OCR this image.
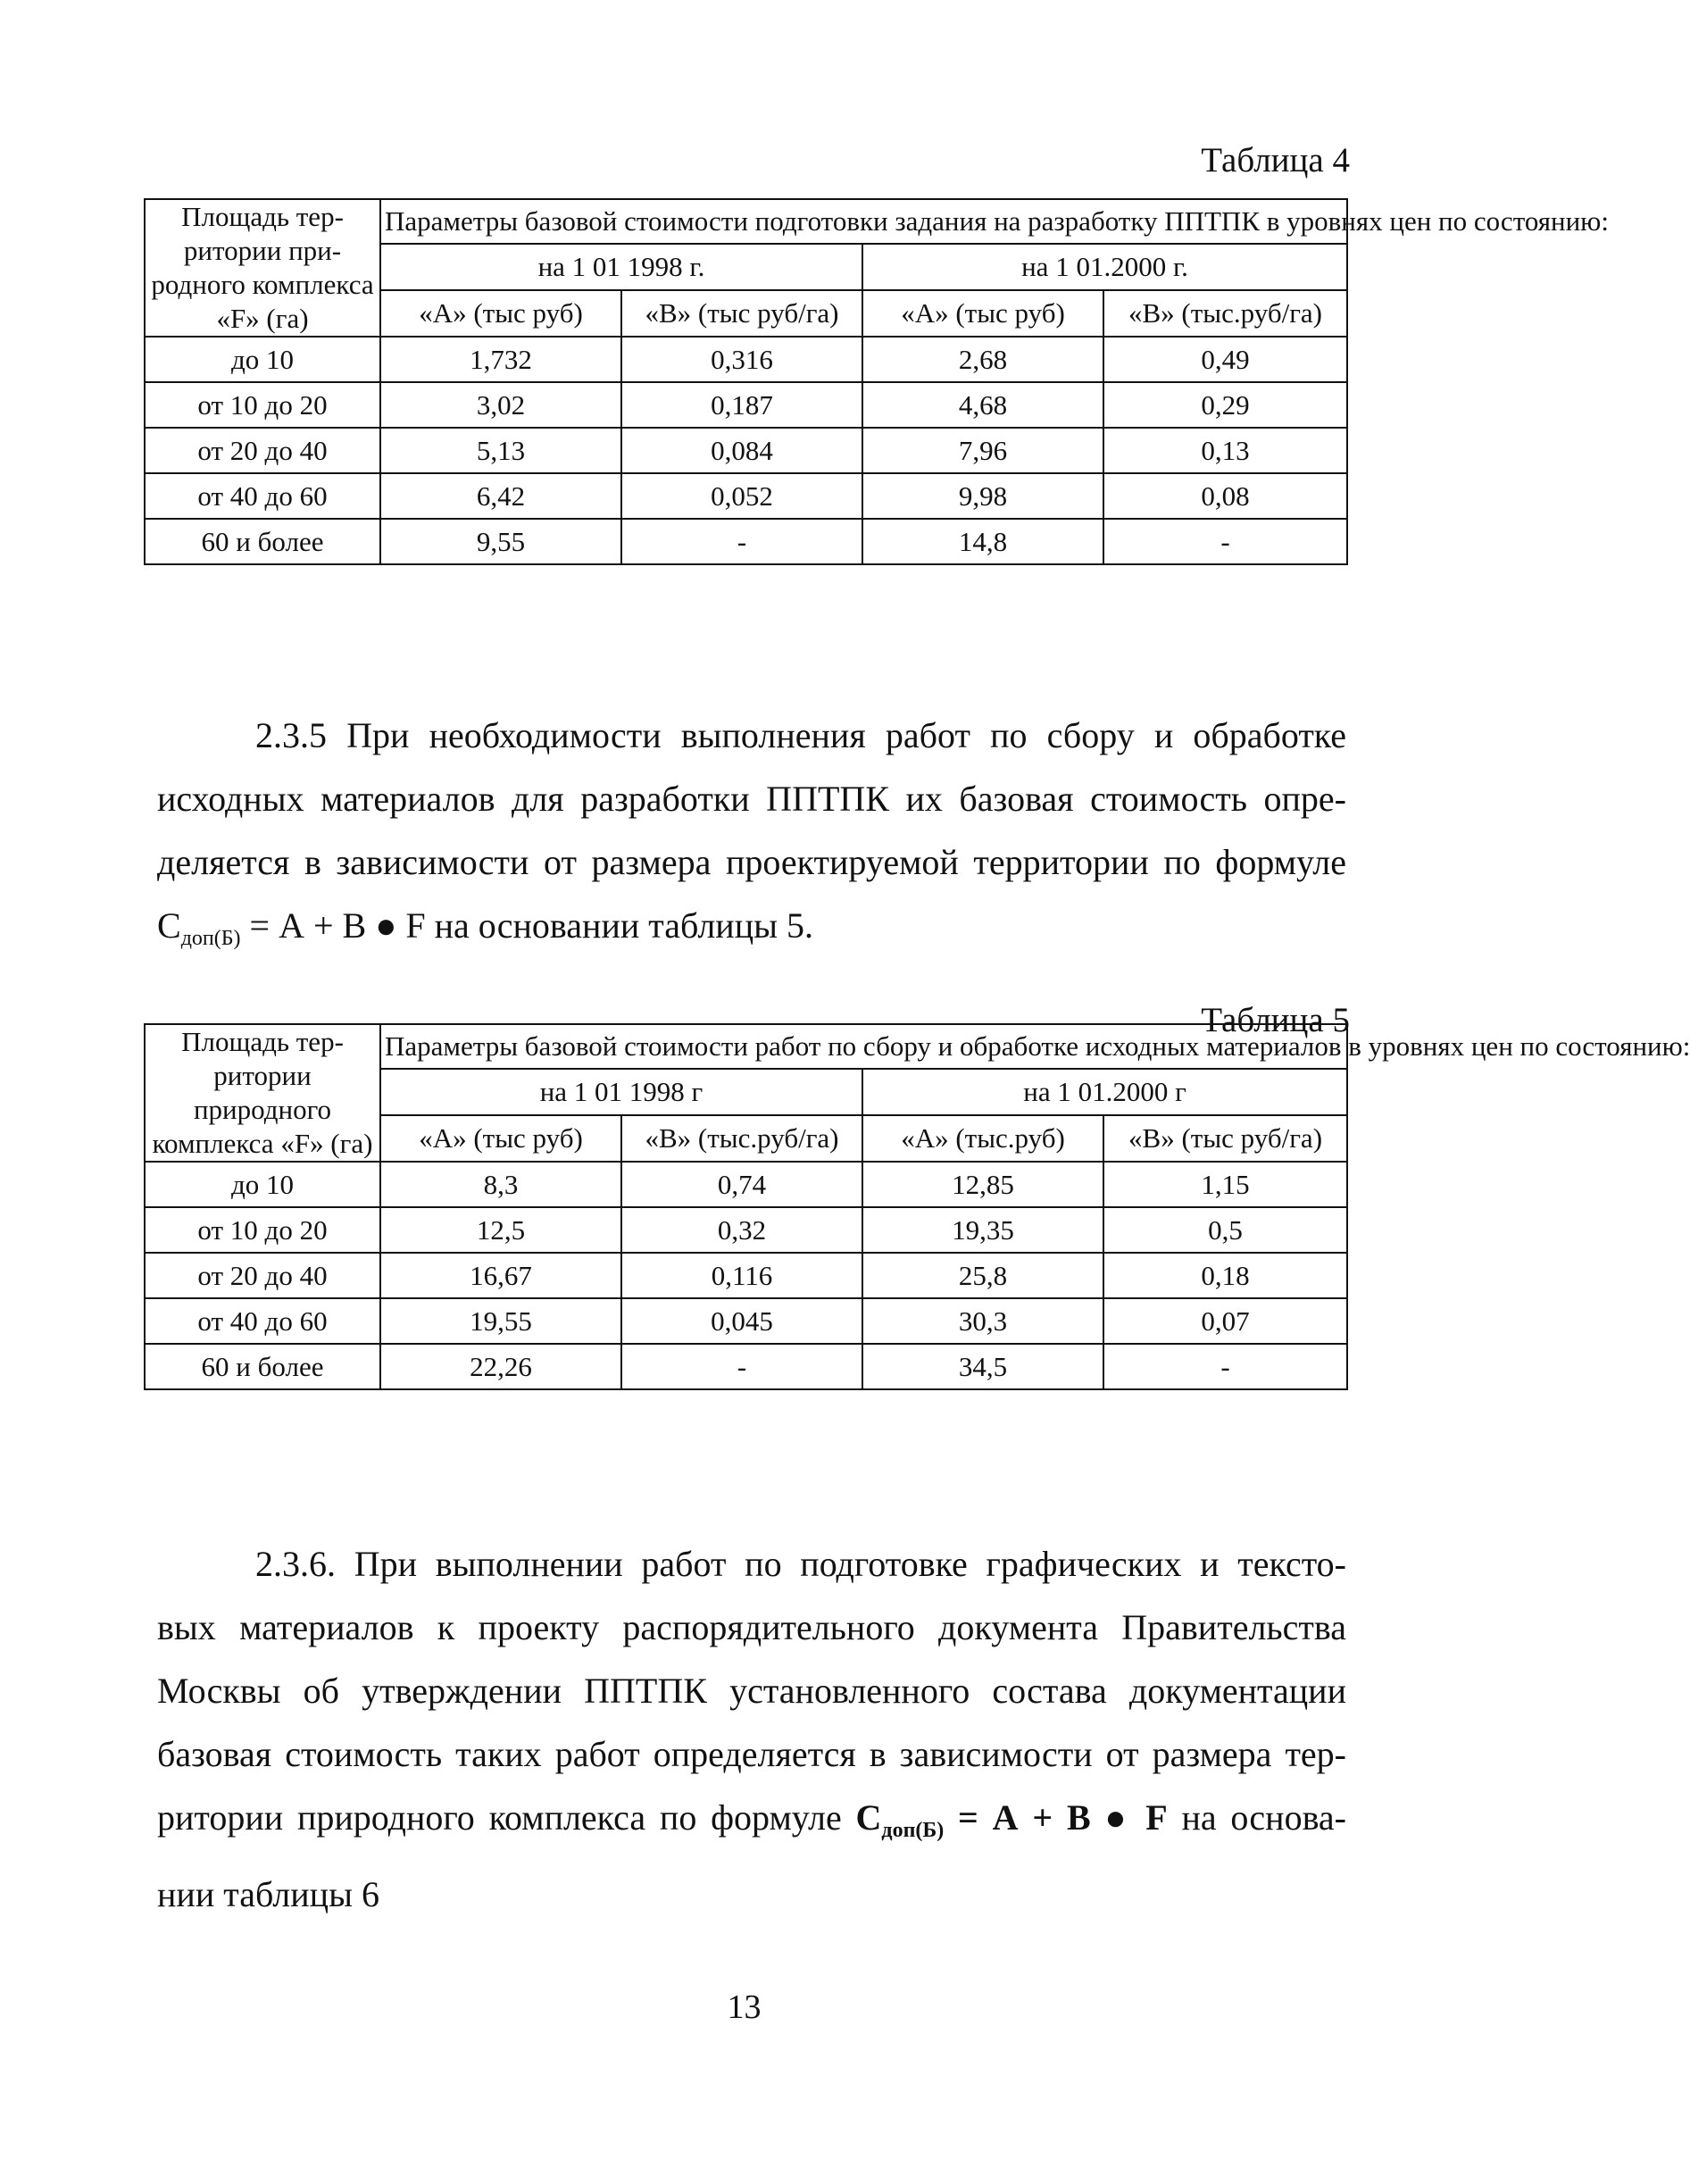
Таблица 4
Площадь тер-ритории при-родного комплекса «F» (га)	Параметры базовой стоимости подготовки задания на разработку ППТПК в уровнях цен по состоянию:			
	на 1 01 1998 г.		на 1 01.2000 г.	
	«А» (тыс руб)	«В» (тыс руб/га)	«А» (тыс руб)	«В» (тыс.руб/га)
до 10	1,732	0,316	2,68	0,49
от 10 до 20	3,02	0,187	4,68	0,29
от 20 до 40	5,13	0,084	7,96	0,13
от 40 до 60	6,42	0,052	9,98	0,08
60 и более	9,55	-	14,8	-
2.3.5 При необходимости выполнения работ по сбору и обработке
исходных материалов для разработки ППТПК их базовая стоимость опре-
деляется в зависимости от размера проектируемой территории по формуле
$С_{доп(Б)} = А + В$ ● F на основании таблицы 5.
Таблица 5
Площадь тер-ритории природного комплекса «F» (га)	Параметры базовой стоимости работ по сбору и обработке исходных материалов в уровнях цен по состоянию:			
	на 1 01 1998 г		на 1 01.2000 г	
	«А» (тыс руб)	«В» (тыс.руб/га)	«А» (тыс.руб)	«В» (тыс руб/га)
до 10	8,3	0,74	12,85	1,15
от 10 до 20	12,5	0,32	19,35	0,5
от 20 до 40	16,67	0,116	25,8	0,18
от 40 до 60	19,55	0,045	30,3	0,07
60 и более	22,26	-	34,5	-
2.3.6. При выполнении работ по подготовке графических и тексто-
вых материалов к проекту распорядительного документа Правительства
Москвы об утверждении ППТПК установленного состава документации
базовая стоимость таких работ определяется в зависимости от размера тер-
ритории природного комплекса по формуле $С_{доп(Б)} = А + В$ ● F на основа-
нии таблицы 6
13
